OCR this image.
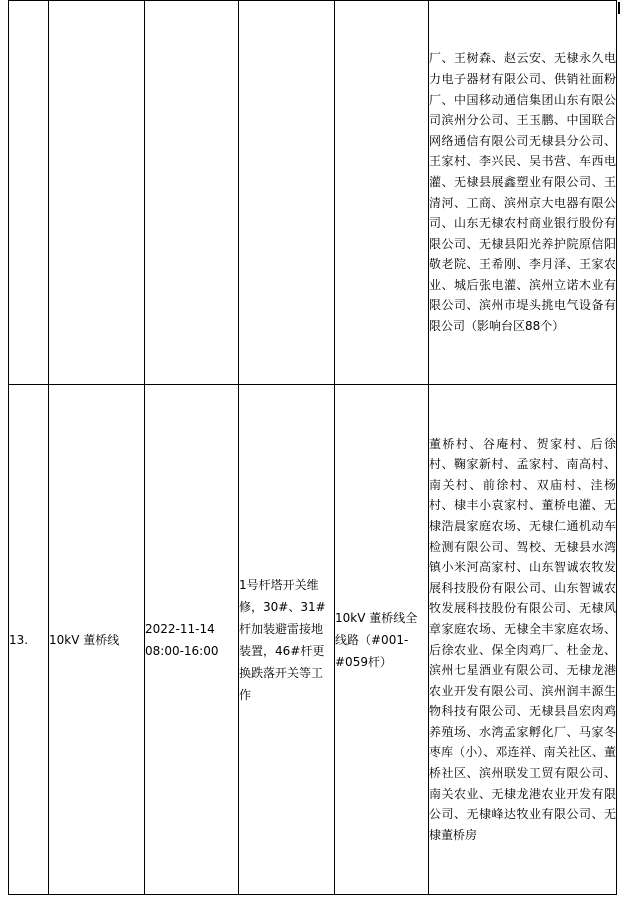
					厂、王树森、赵云安、无棣永久电力电子器材有限公司、供销社面粉厂、中国移动通信集团山东有限公司滨州分公司、王玉鹏、中国联合网络通信有限公司无棣县分公司、王家村、李兴民、吴书营、车西电灌、无棣县展鑫塑业有限公司、王清河、工商、滨州京大电器有限公司、山东无棣农村商业银行股份有限公司、无棣县阳光养护院原信阳敬老院、王希刚、李月泽、王家农业、城后张电灌、滨州立诺木业有限公司、滨州市堤头挑电气设备有限公司（影响台区88个）
13.	10kV 董桥线	2022-11-14 08:00-16:00	1号杆塔开关维修，30#、31#杆加装避雷接地装置，46#杆更换跌落开关等工作	10kV 董桥线全线路（#001-#059杆）	董桥村、谷庵村、贺家村、后徐村、鞠家新村、孟家村、南高村、南关村、前徐村、双庙村、洼杨村、棣丰小袁家村、董桥电灌、无棣浩晨家庭农场、无棣仁通机动车检测有限公司、驾校、无棣县水湾镇小米河高家村、山东智诚农牧发展科技股份有限公司、山东智诚农牧发展科技股份有限公司、无棣风章家庭农场、无棣全丰家庭农场、后徐农业、保全肉鸡厂、杜金龙、滨州七星酒业有限公司、无棣龙港农业开发有限公司、滨州润丰源生物科技有限公司、无棣县昌宏肉鸡养殖场、水湾孟家孵化厂、马家冬枣库（小）、邓连祥、南关社区、董桥社区、滨州联发工贸有限公司、南关农业、无棣龙港农业开发有限公司、无棣峰达牧业有限公司、无棣董桥房
